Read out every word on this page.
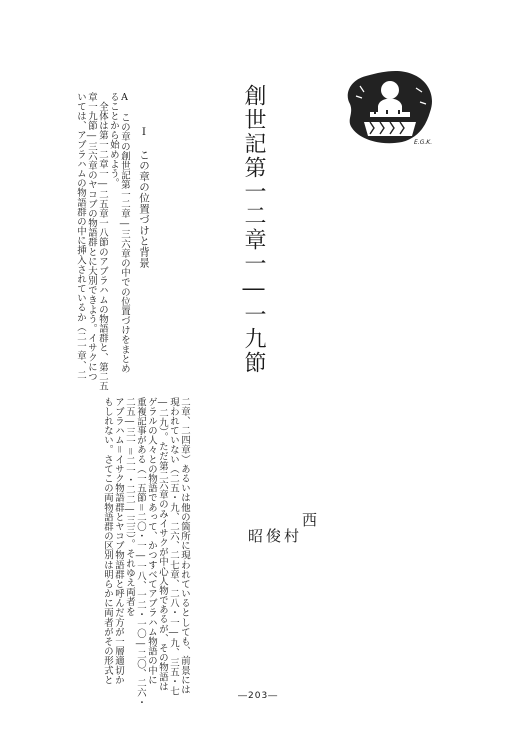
創世記第一二章一―一九節	E.G.K.
西
村
俊
昭
I　この章の位置づけと背景
A　この章の創世記第一二章―三六章の中での位置づけをまとめ
ることから始めよう。
　全体は第一二章一―二五章一八節のアブラハムの物語群と、第二五
章一九節―三六章のヤコブの物語群とに大別できよう。イサクにつ
いては、アブラハムの物語群の中に挿入されているか（二一章、二
二章、二四章）あるいは他の箇所に現われているとしても、前景には
現われていない（二五・九、二六、二七章、二八・一―九、三五・七
―二九）。ただ第二六章のみイサクが中心人物であるが、その物語は
ゲラルの人々との物語であって、かつすべてアブラハム物語の中に
重複記事がある（一五節＝二〇・一―一八、一二・一〇―二〇、二六・
二五―三一＝二一・二二―三三）。それゆえ両者を
アブラハム＝イサク物語群とヤコブ物語群と呼んだ方が一層適切か
もしれない。さてこの両物語群の区別は明らかに両者がその形式と
―203―
